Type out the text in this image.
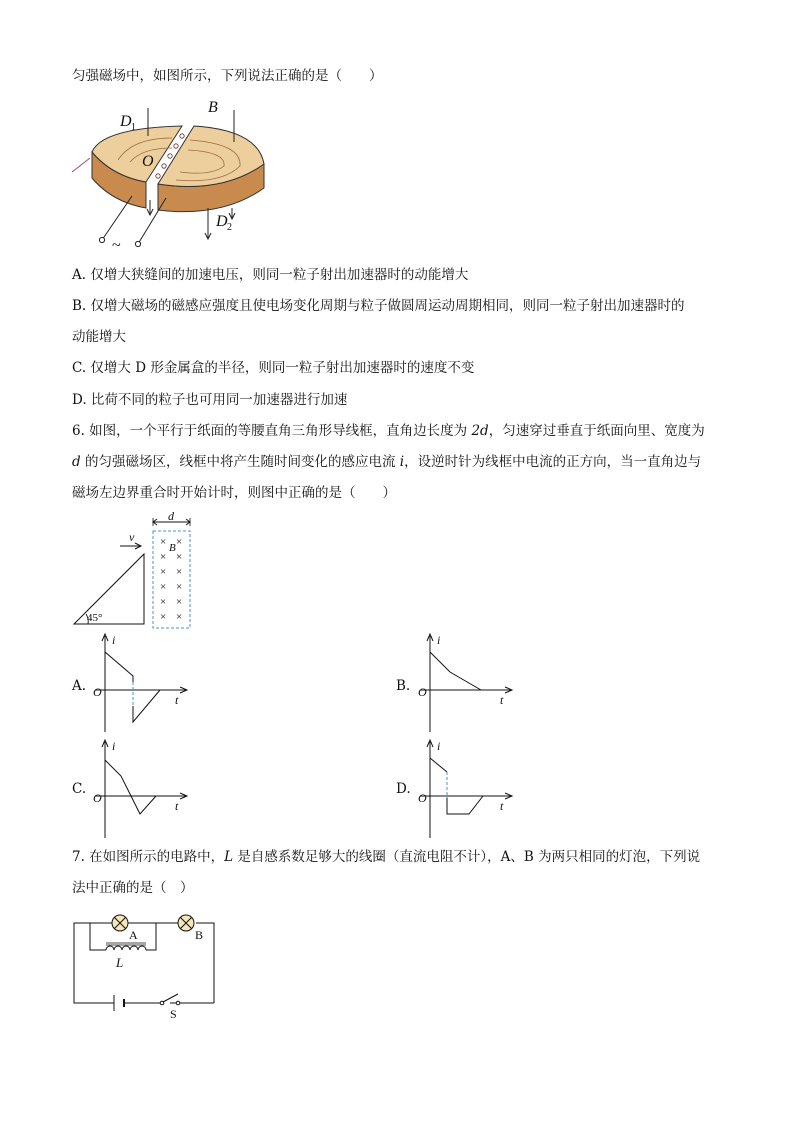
匀强磁场中，如图所示，下列说法正确的是（　　）
D 1
B
O
D 2
~
A. 仅增大狭缝间的加速电压，则同一粒子射出加速器时的动能增大
B. 仅增大磁场的磁感应强度且使电场变化周期与粒子做圆周运动周期相同，则同一粒子射出加速器时的
动能增大
C. 仅增大 D 形金属盒的半径，则同一粒子射出加速器时的速度不变
D. 比荷不同的粒子也可用同一加速器进行加速
6. 如图，一个平行于纸面的等腰直角三角形导线框，直角边长度为 2d，匀速穿过垂直于纸面向里、宽度为
d 的匀强磁场区，线框中将产生随时间变化的感应电流 i，设逆时针为线框中电流的正方向，当一直角边与
磁场左边界重合时开始计时，则图中正确的是（　　）
45°
v
d
× ×
× ×
× ×
× ×
× ×
× ×
B
A.
i
O
t
B.
i
O
t
C.
i
O
t
D.
i
O
t
7. 在如图所示的电路中，L 是自感系数足够大的线圈（直流电阻不计），A、B 为两只相同的灯泡，下列说
法中正确的是（　）
S
A
L
B
